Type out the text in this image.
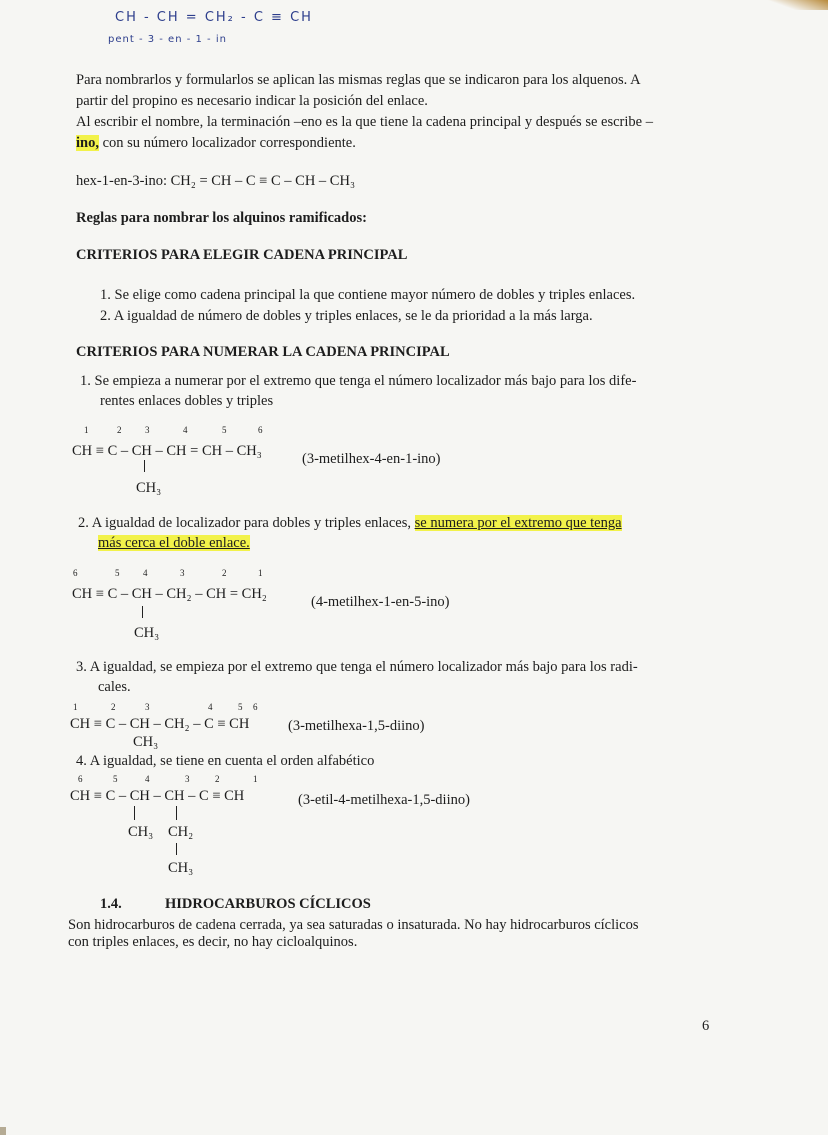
CH - CH = CH₂ - C ≡ CH
pent - 3 - en - 1 - in
Para nombrarlos y formularlos se aplican las mismas reglas que se indicaron para los alquenos. A
partir del propino es necesario indicar la posición del enlace.
Al escribir el nombre, la terminación –eno es la que tiene la cadena principal y después se escribe –
ino, con su número localizador correspondiente.
hex-1-en-3-ino: CH₂ = CH – C ≡ C – CH – CH₃
Reglas para nombrar los alquinos ramificados:
CRITERIOS PARA ELEGIR CADENA PRINCIPAL
1. Se elige como cadena principal la que contiene mayor número de dobles y triples enlaces.
2. A igualdad de número de dobles y triples enlaces, se le da prioridad a la más larga.
CRITERIOS PARA NUMERAR LA CADENA PRINCIPAL
1. Se empieza a numerar por el extremo que tenga el número localizador más bajo para los dife-
rentes enlaces dobles y triples
1	2	3	4	5	6
CH ≡ C – CH – CH = CH – CH₃	(3-metilhex-4-en-1-ino)
CH₃
2. A igualdad de localizador para dobles y triples enlaces, se numera por el extremo que tenga
más cerca el doble enlace.
6	5	4	3	2	1
CH ≡ C – CH – CH₂ – CH = CH₂	(4-metilhex-1-en-5-ino)
CH₃
3. A igualdad, se empieza por el extremo que tenga el número localizador más bajo para los radi-
cales.
1	2	3	4	5 6
CH ≡ C – CH – CH₂ – C ≡ CH	(3-metilhexa-1,5-diino)
CH₃
4. A igualdad, se tiene en cuenta el orden alfabético
6	5	4	3	2	1
CH ≡ C – CH – CH – C ≡ CH	(3-etil-4-metilhexa-1,5-diino)
CH₃ CH₂
CH₃
1.4.	HIDROCARBUROS CÍCLICOS
Son hidrocarburos de cadena cerrada, ya sea saturadas o insaturada. No hay hidrocarburos cíclicos
con triples enlaces, es decir, no hay cicloalquinos.
6
